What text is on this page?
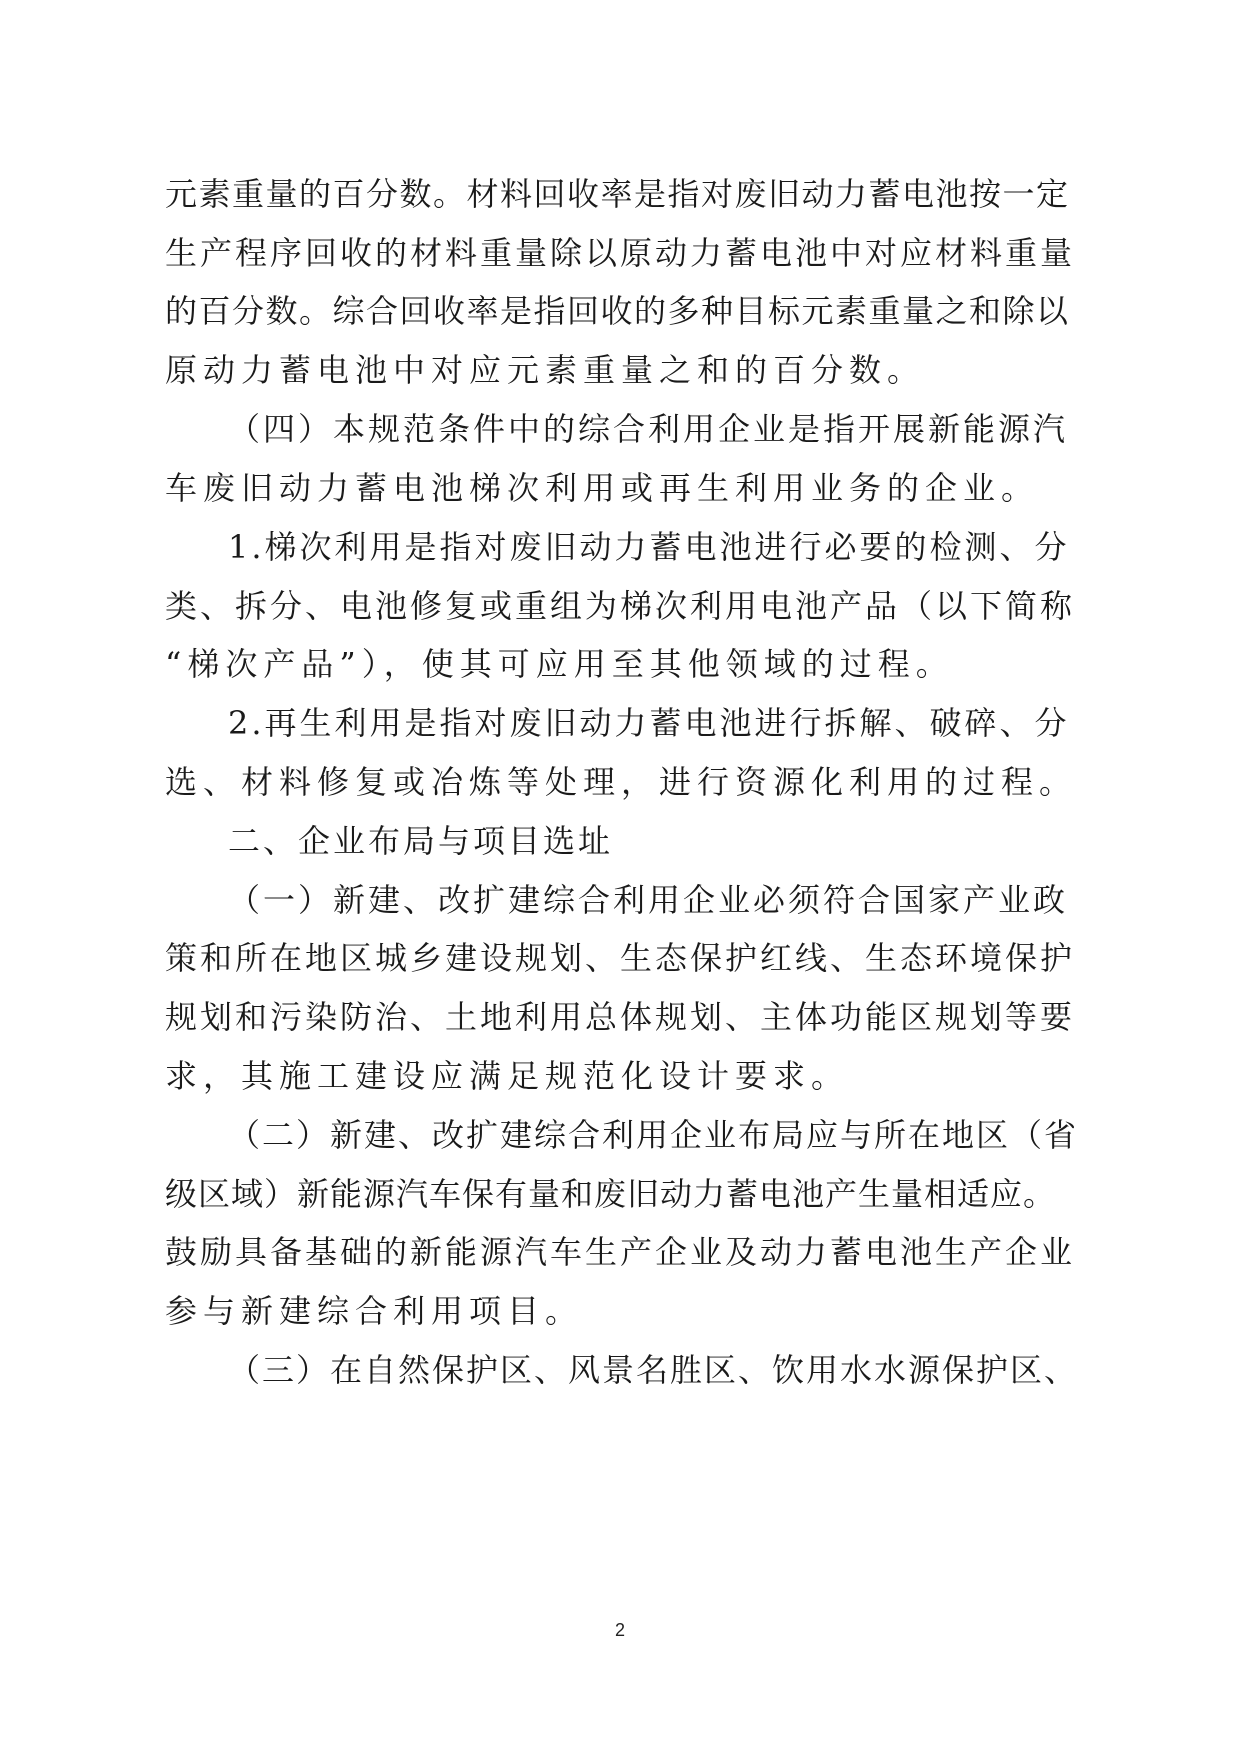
元素重量的百分数。材料回收率是指对废旧动力蓄电池按一定
生产程序回收的材料重量除以原动力蓄电池中对应材料重量
的百分数。综合回收率是指回收的多种目标元素重量之和除以
原动力蓄电池中对应元素重量之和的百分数。
（四）本规范条件中的综合利用企业是指开展新能源汽
车废旧动力蓄电池梯次利用或再生利用业务的企业。
1.梯次利用是指对废旧动力蓄电池进行必要的检测、分
类、拆分、电池修复或重组为梯次利用电池产品（以下简称
“梯次产品”），使其可应用至其他领域的过程。
2.再生利用是指对废旧动力蓄电池进行拆解、破碎、分
选、材料修复或冶炼等处理，进行资源化利用的过程。
二、企业布局与项目选址
（一）新建、改扩建综合利用企业必须符合国家产业政
策和所在地区城乡建设规划、生态保护红线、生态环境保护
规划和污染防治、土地利用总体规划、主体功能区规划等要
求，其施工建设应满足规范化设计要求。
（二）新建、改扩建综合利用企业布局应与所在地区（省
级区域）新能源汽车保有量和废旧动力蓄电池产生量相适应。
鼓励具备基础的新能源汽车生产企业及动力蓄电池生产企业
参与新建综合利用项目。
（三）在自然保护区、风景名胜区、饮用水水源保护区、
2
